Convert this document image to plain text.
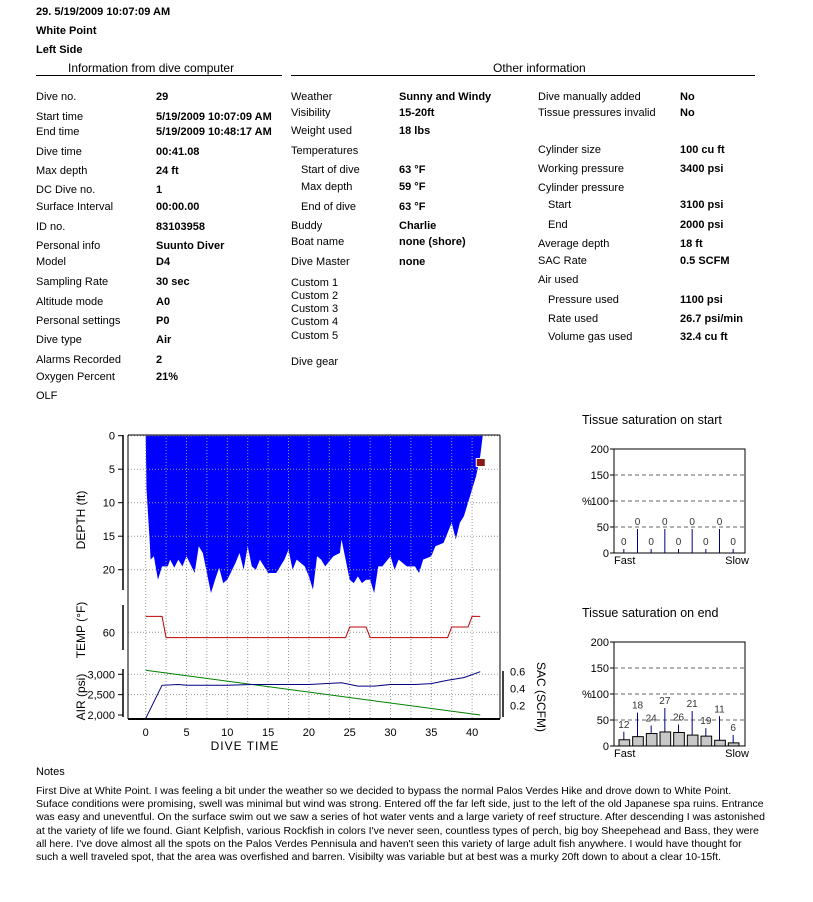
29. 5/19/2009 10:07:09 AM
White Point
Left Side
Information from dive computer	Other information
Dive no.	29
Start time	5/19/2009 10:07:09 AM
End time	5/19/2009 10:48:17 AM
Dive time	00:41.08
Max depth	24 ft
DC Dive no.	1
Surface Interval	00:00.00
ID no.	83103958
Personal info	Suunto Diver
Model	D4
Sampling Rate	30 sec
Altitude mode	A0
Personal settings	P0
Dive type	Air
Alarms Recorded	2
Oxygen Percent	21%
OLF
Weather	Sunny and Windy
Visibility	15-20ft
Weight used	18 lbs
Temperatures
Start of dive	63 °F
Max depth	59 °F
End of dive	63 °F
Buddy	Charlie
Boat name	none (shore)
Dive Master	none
Custom 1
Custom 2
Custom 3
Custom 4
Custom 5
Dive gear
Dive manually added	No
Tissue pressures invalid No
Cylinder size	100 cu ft
Working pressure	3400 psi
Cylinder pressure
Start	3100 psi
End	2000 psi
Average depth	18 ft
SAC Rate	0.5 SCFM
Air used
Pressure used	1100 psi
Rate used	26.7 psi/min
Volume gas used	32.4 cu ft
0
5
10
15
20
60
2,000
2,500
3,000
0.2
0.4
0.6
0	5	10	15	20	25	30	35	40
DIVE TIME
DEPTH (ft)
TEMP (°F)
AIR (psi)	SAC (SCFM)
Tissue saturation on start
0
50
100
150
200
%
0
0
0
0
0
0
0
0
0
Fast	Slow
Tissue saturation on end
0
50
100
150
200
%
12
18
24
27
26
21
19
11
6
Fast	Slow
Notes
First Dive at White Point. I was feeling a bit under the weather so we decided to bypass the normal Palos Verdes Hike and drove down to White Point. Suface conditions were promising, swell was minimal but wind was strong. Entered off the far left side, just to the left of the old Japanese spa ruins. Entrance was easy and uneventful. On the surface swim out we saw a series of hot water vents and a large variety of reef structure. After descending I was astonished at the variety of life we found. Giant Kelpfish, various Rockfish in colors I've never seen, countless types of perch, big boy Sheepehead and Bass, they were all here. I've dove almost all the spots on the Palos Verdes Pennisula and haven't seen this variety of large adult fish anywhere. I would have thought for such a well traveled spot, that the area was overfished and barren. Visibilty was variable but at best was a murky 20ft down to about a clear 10-15ft.
